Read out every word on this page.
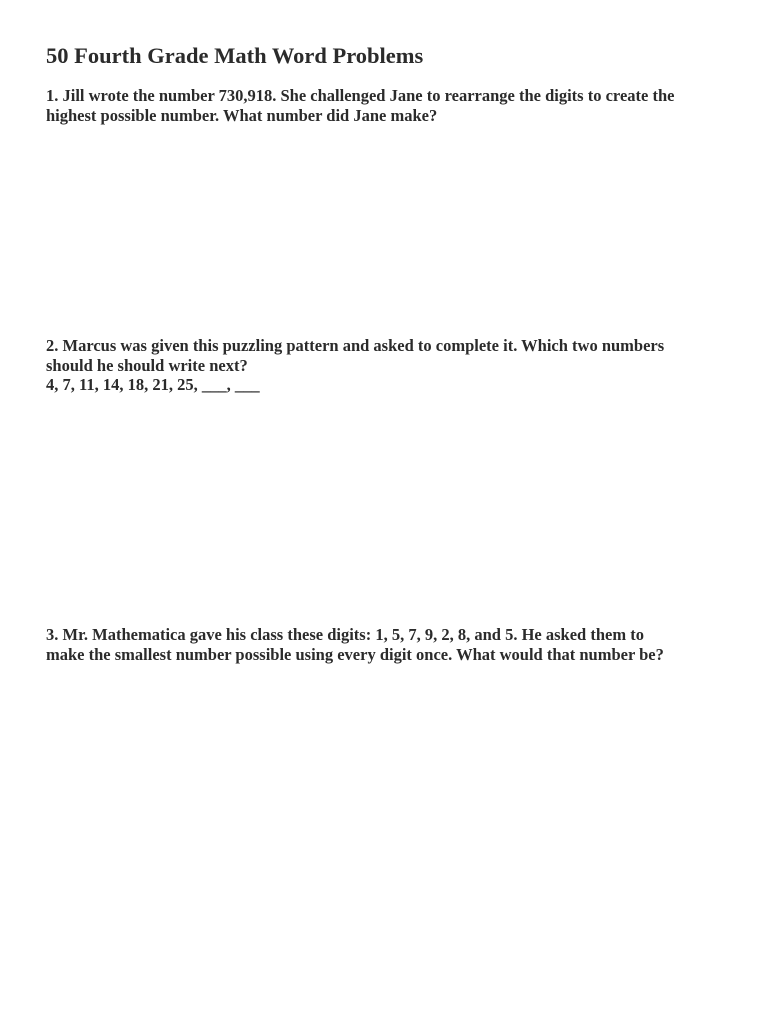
50 Fourth Grade Math Word Problems
1. Jill wrote the number 730,918. She challenged Jane to rearrange the digits to create the
highest possible number. What number did Jane make?
2. Marcus was given this puzzling pattern and asked to complete it. Which two numbers
should he should write next?
4, 7, 11, 14, 18, 21, 25, ___, ___
3. Mr. Mathematica gave his class these digits: 1, 5, 7, 9, 2, 8, and 5. He asked them to
make the smallest number possible using every digit once. What would that number be?
